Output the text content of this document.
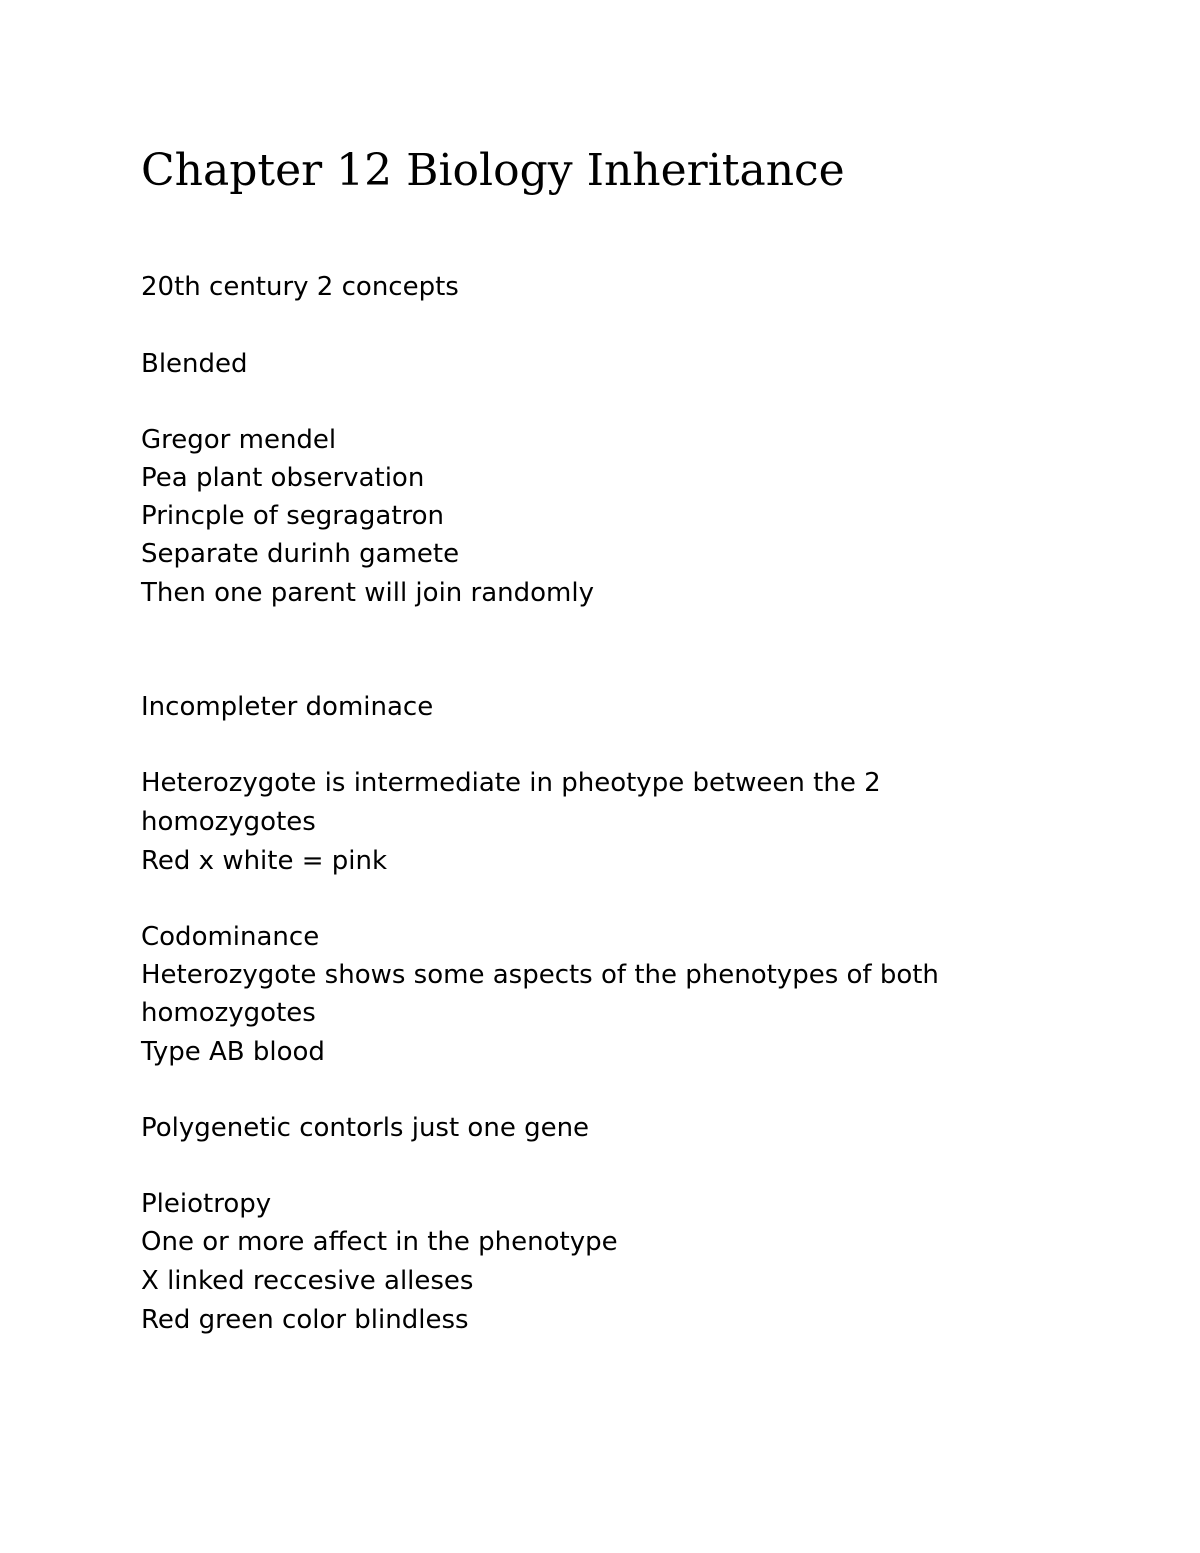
Chapter 12 Biology Inheritance

20th century 2 concepts

Blended

Gregor mendel

Pea plant observation

Princple of segragatron

Separate durinh gamete

Then one parent will join randomly

Incompleter dominace

Heterozygote is intermediate in pheotype between the 2

homozygotes

Red x white = pink

Codominance

Heterozygote shows some aspects of the phenotypes of both

homozygotes

Type AB blood

Polygenetic contorls just one gene

Pleiotropy

One or more affect in the phenotype

X linked reccesive alleses

Red green color blindless
